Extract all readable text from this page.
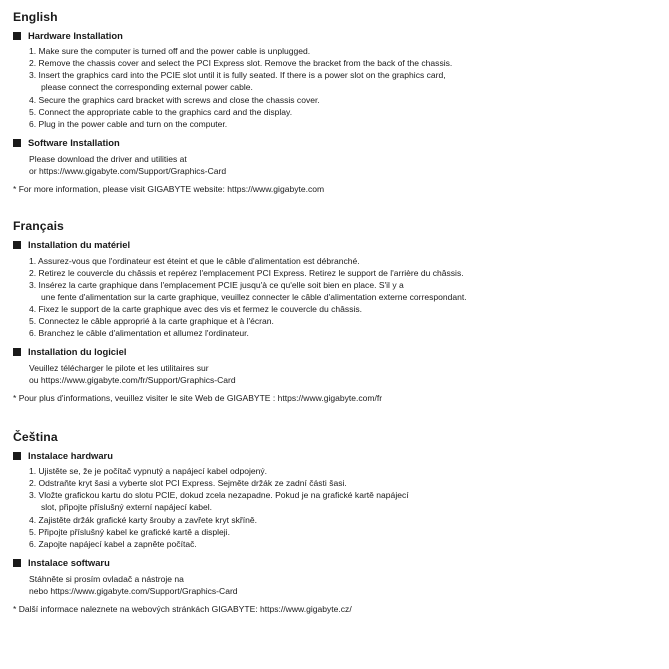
English
Hardware Installation
1. Make sure the computer is turned off and the power cable is unplugged.
2. Remove the chassis cover and select the PCI Express slot. Remove the bracket from the back of the chassis.
3. Insert the graphics card into the PCIE slot until it is fully seated. If there is a power slot on the graphics card,
please connect the corresponding external power cable.
4. Secure the graphics card bracket with screws and close the chassis cover.
5. Connect the appropriate cable to the graphics card and the display.
6. Plug in the power cable and turn on the computer.
Software Installation
Please download the driver and utilities at
or https://www.gigabyte.com/Support/Graphics-Card
* For more information, please visit GIGABYTE website: https://www.gigabyte.com
Français
Installation du matériel
1. Assurez-vous que l'ordinateur est éteint et que le câble d'alimentation est débranché.
2. Retirez le couvercle du châssis et repérez l'emplacement PCI Express. Retirez le support de l'arrière du châssis.
3. Insérez la carte graphique dans l'emplacement PCIE jusqu'à ce qu'elle soit bien en place. S'il y a
une fente d'alimentation sur la carte graphique, veuillez connecter le câble d'alimentation externe correspondant.
4. Fixez le support de la carte graphique avec des vis et fermez le couvercle du châssis.
5. Connectez le câble approprié à la carte graphique et à l'écran.
6. Branchez le câble d'alimentation et allumez l'ordinateur.
Installation du logiciel
Veuillez télécharger le pilote et les utilitaires sur
ou https://www.gigabyte.com/fr/Support/Graphics-Card
* Pour plus d'informations, veuillez visiter le site Web de GIGABYTE : https://www.gigabyte.com/fr
Čeština
Instalace hardwaru
1. Ujistěte se, že je počítač vypnutý a napájecí kabel odpojený.
2. Odstraňte kryt šasi a vyberte slot PCI Express. Sejměte držák ze zadní části šasi.
3. Vložte grafickou kartu do slotu PCIE, dokud zcela nezapadne. Pokud je na grafické kartě napájecí
slot, připojte příslušný externí napájecí kabel.
4. Zajistěte držák grafické karty šrouby a zavřete kryt skříně.
5. Připojte příslušný kabel ke grafické kartě a displeji.
6. Zapojte napájecí kabel a zapněte počítač.
Instalace softwaru
Stáhněte si prosím ovladač a nástroje na
nebo https://www.gigabyte.com/Support/Graphics-Card
* Další informace naleznete na webových stránkách GIGABYTE: https://www.gigabyte.cz/
